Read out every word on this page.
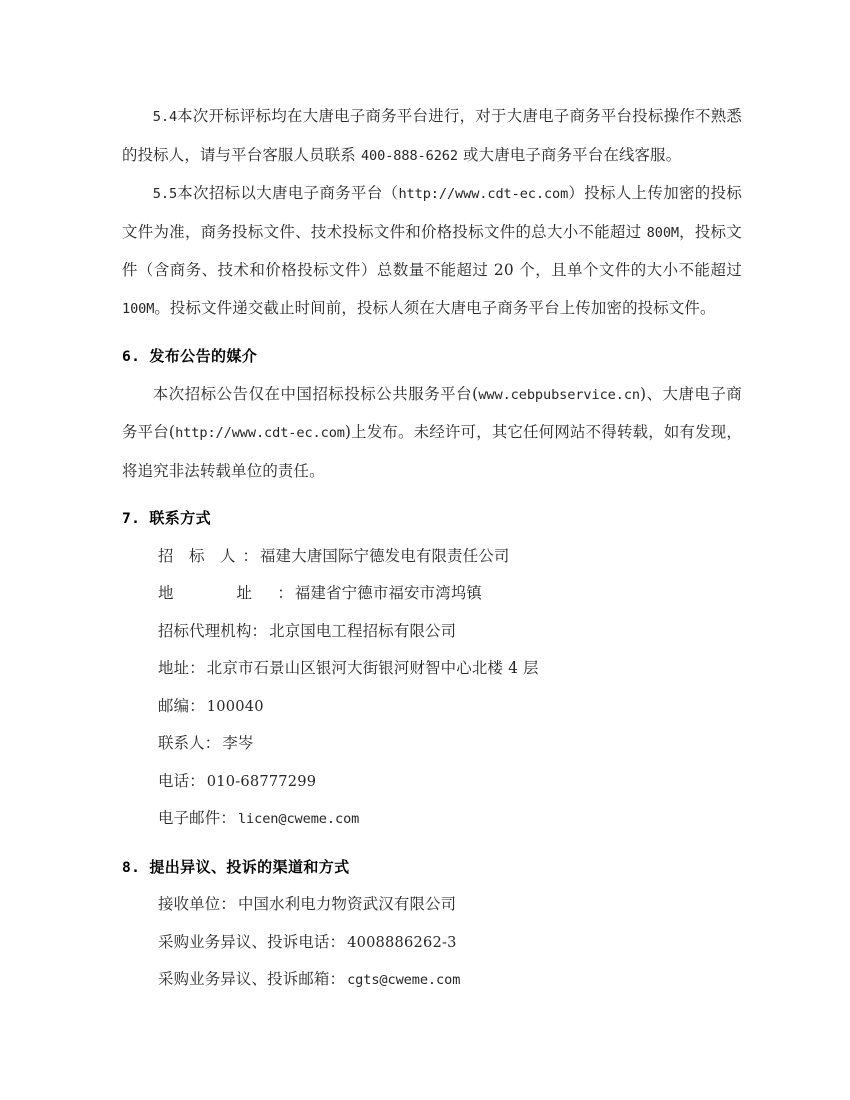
5.4本次开标评标均在大唐电子商务平台进行，对于大唐电子商务平台投标操作不熟悉的投标人，请与平台客服人员联系 400-888-6262 或大唐电子商务平台在线客服。

5.5本次招标以大唐电子商务平台（http://www.cdt-ec.com）投标人上传加密的投标文件为准，商务投标文件、技术投标文件和价格投标文件的总大小不能超过 800M，投标文件（含商务、技术和价格投标文件）总数量不能超过 20 个，且单个文件的大小不能超过 100M。投标文件递交截止时间前，投标人须在大唐电子商务平台上传加密的投标文件。

6. 发布公告的媒介

本次招标公告仅在中国招标投标公共服务平台(www.cebpubservice.cn)、大唐电子商务平台(http://www.cdt-ec.com)上发布。未经许可，其它任何网站不得转载，如有发现，将追究非法转载单位的责任。

7. 联系方式

招 标 人： 福建大唐国际宁德发电有限责任公司

地　址： 福建省宁德市福安市湾坞镇

招标代理机构： 北京国电工程招标有限公司

地址： 北京市石景山区银河大街银河财智中心北楼 4 层

邮编： 100040

联系人： 李岑

电话： 010-68777299

电子邮件： licen@cweme.com

8. 提出异议、投诉的渠道和方式

接收单位： 中国水利电力物资武汉有限公司

采购业务异议、投诉电话： 4008886262-3

采购业务异议、投诉邮箱： cgts@cweme.com
